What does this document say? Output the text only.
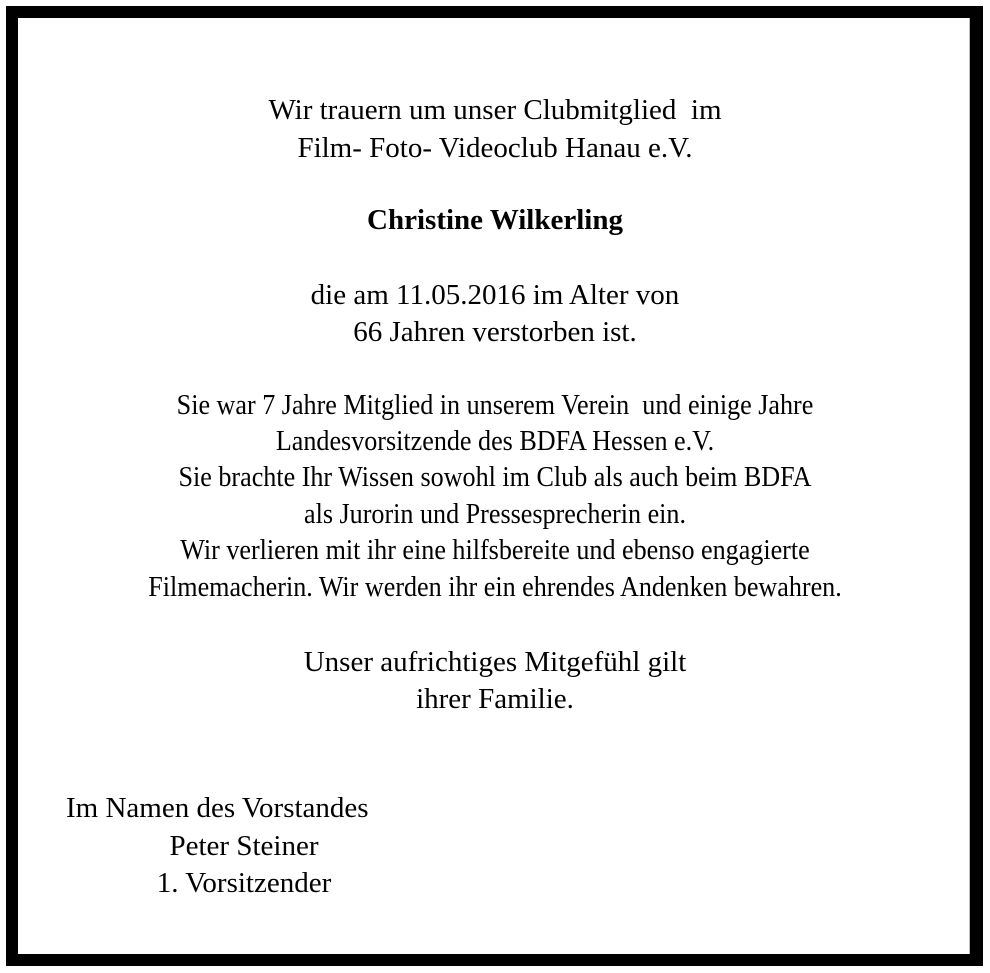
Wir trauern um unser Clubmitglied  im
Film- Foto- Videoclub Hanau e.V.
Christine Wilkerling
die am 11.05.2016 im Alter von
66 Jahren verstorben ist.
Sie war 7 Jahre Mitglied in unserem Verein  und einige Jahre
Landesvorsitzende des BDFA Hessen e.V.
Sie brachte Ihr Wissen sowohl im Club als auch beim BDFA
als Jurorin und Pressesprecherin ein.
Wir verlieren mit ihr eine hilfsbereite und ebenso engagierte
Filmemacherin. Wir werden ihr ein ehrendes Andenken bewahren.
Unser aufrichtiges Mitgefühl gilt
ihrer Familie.
Im Namen des Vorstandes
Peter Steiner
1. Vorsitzender
